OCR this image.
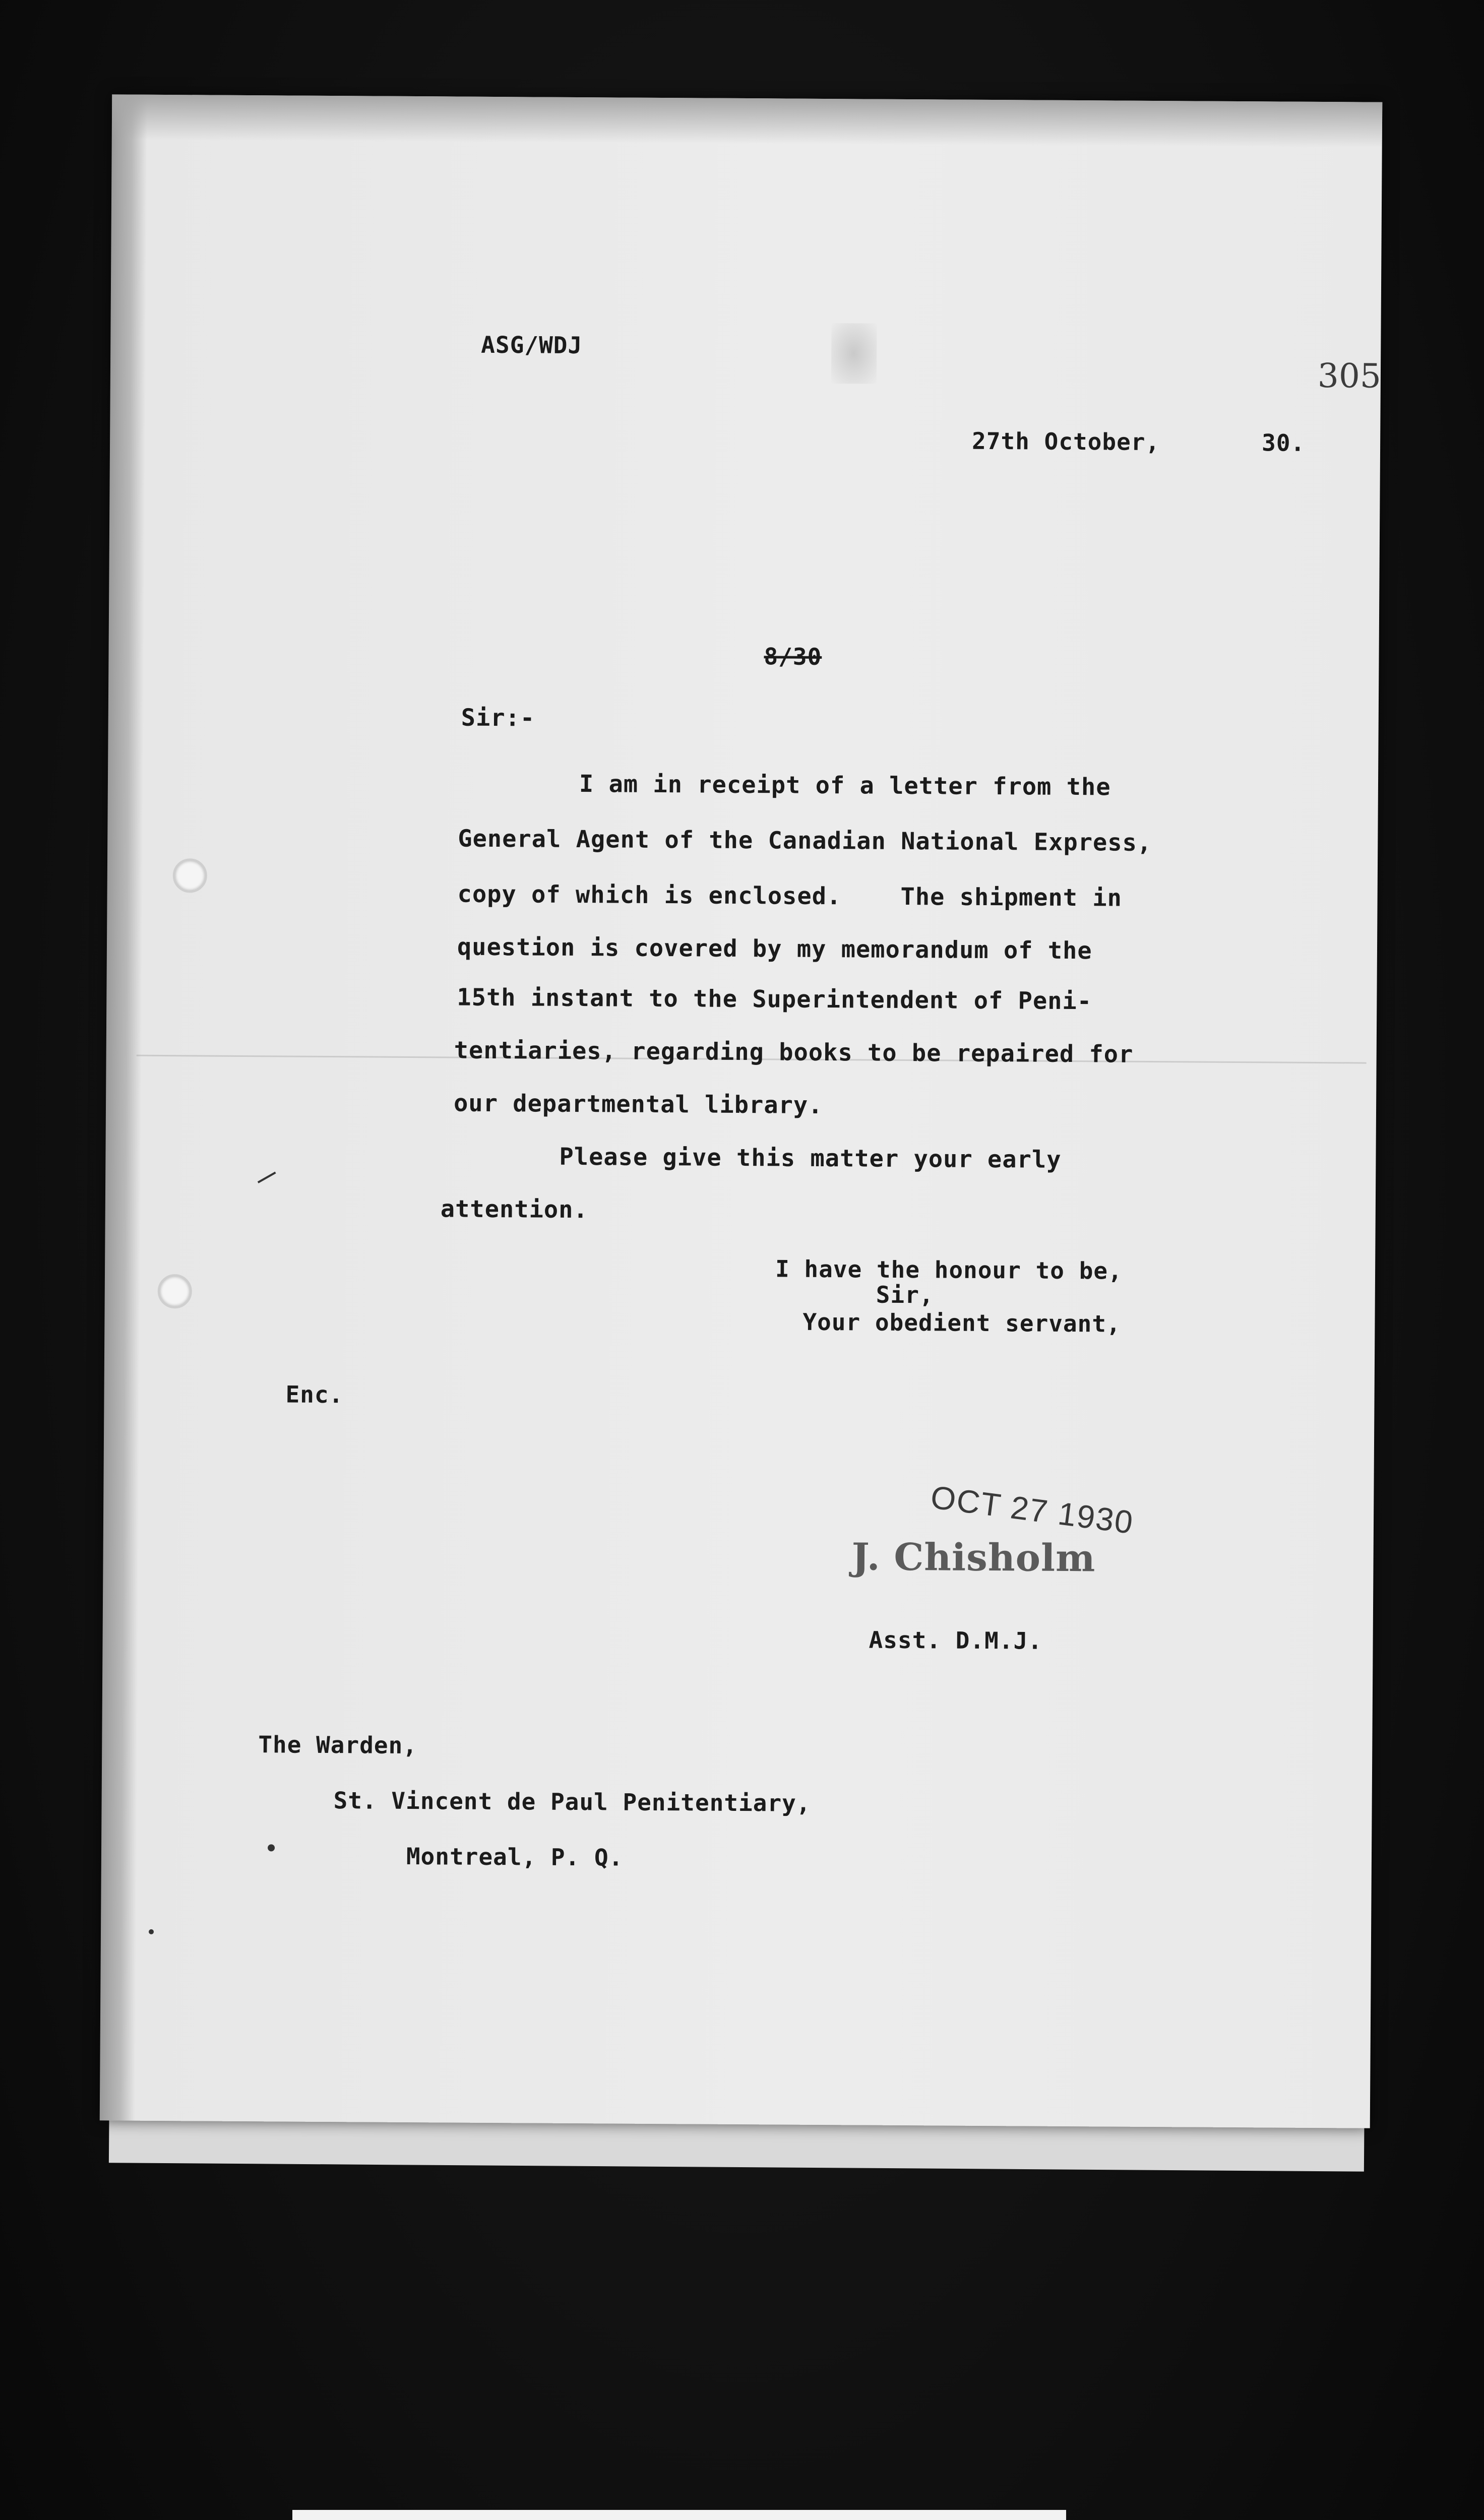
ASG/WDJ
305
27th October,	30.
8/30
Sir:-
I am in receipt of a letter from the
General Agent of the Canadian National Express,
copy of which is enclosed.    The shipment in
question is covered by my memorandum of the
15th instant to the Superintendent of Peni-
tentiaries, regarding books to be repaired for
our departmental library.
Please give this matter your early
attention.
I have the honour to be,
Sir,
Your obedient servant,
Enc.
OCT 27 1930
J. Chisholm
Asst. D.M.J.
The Warden,
St. Vincent de Paul Penitentiary,
Montreal, P. Q.
